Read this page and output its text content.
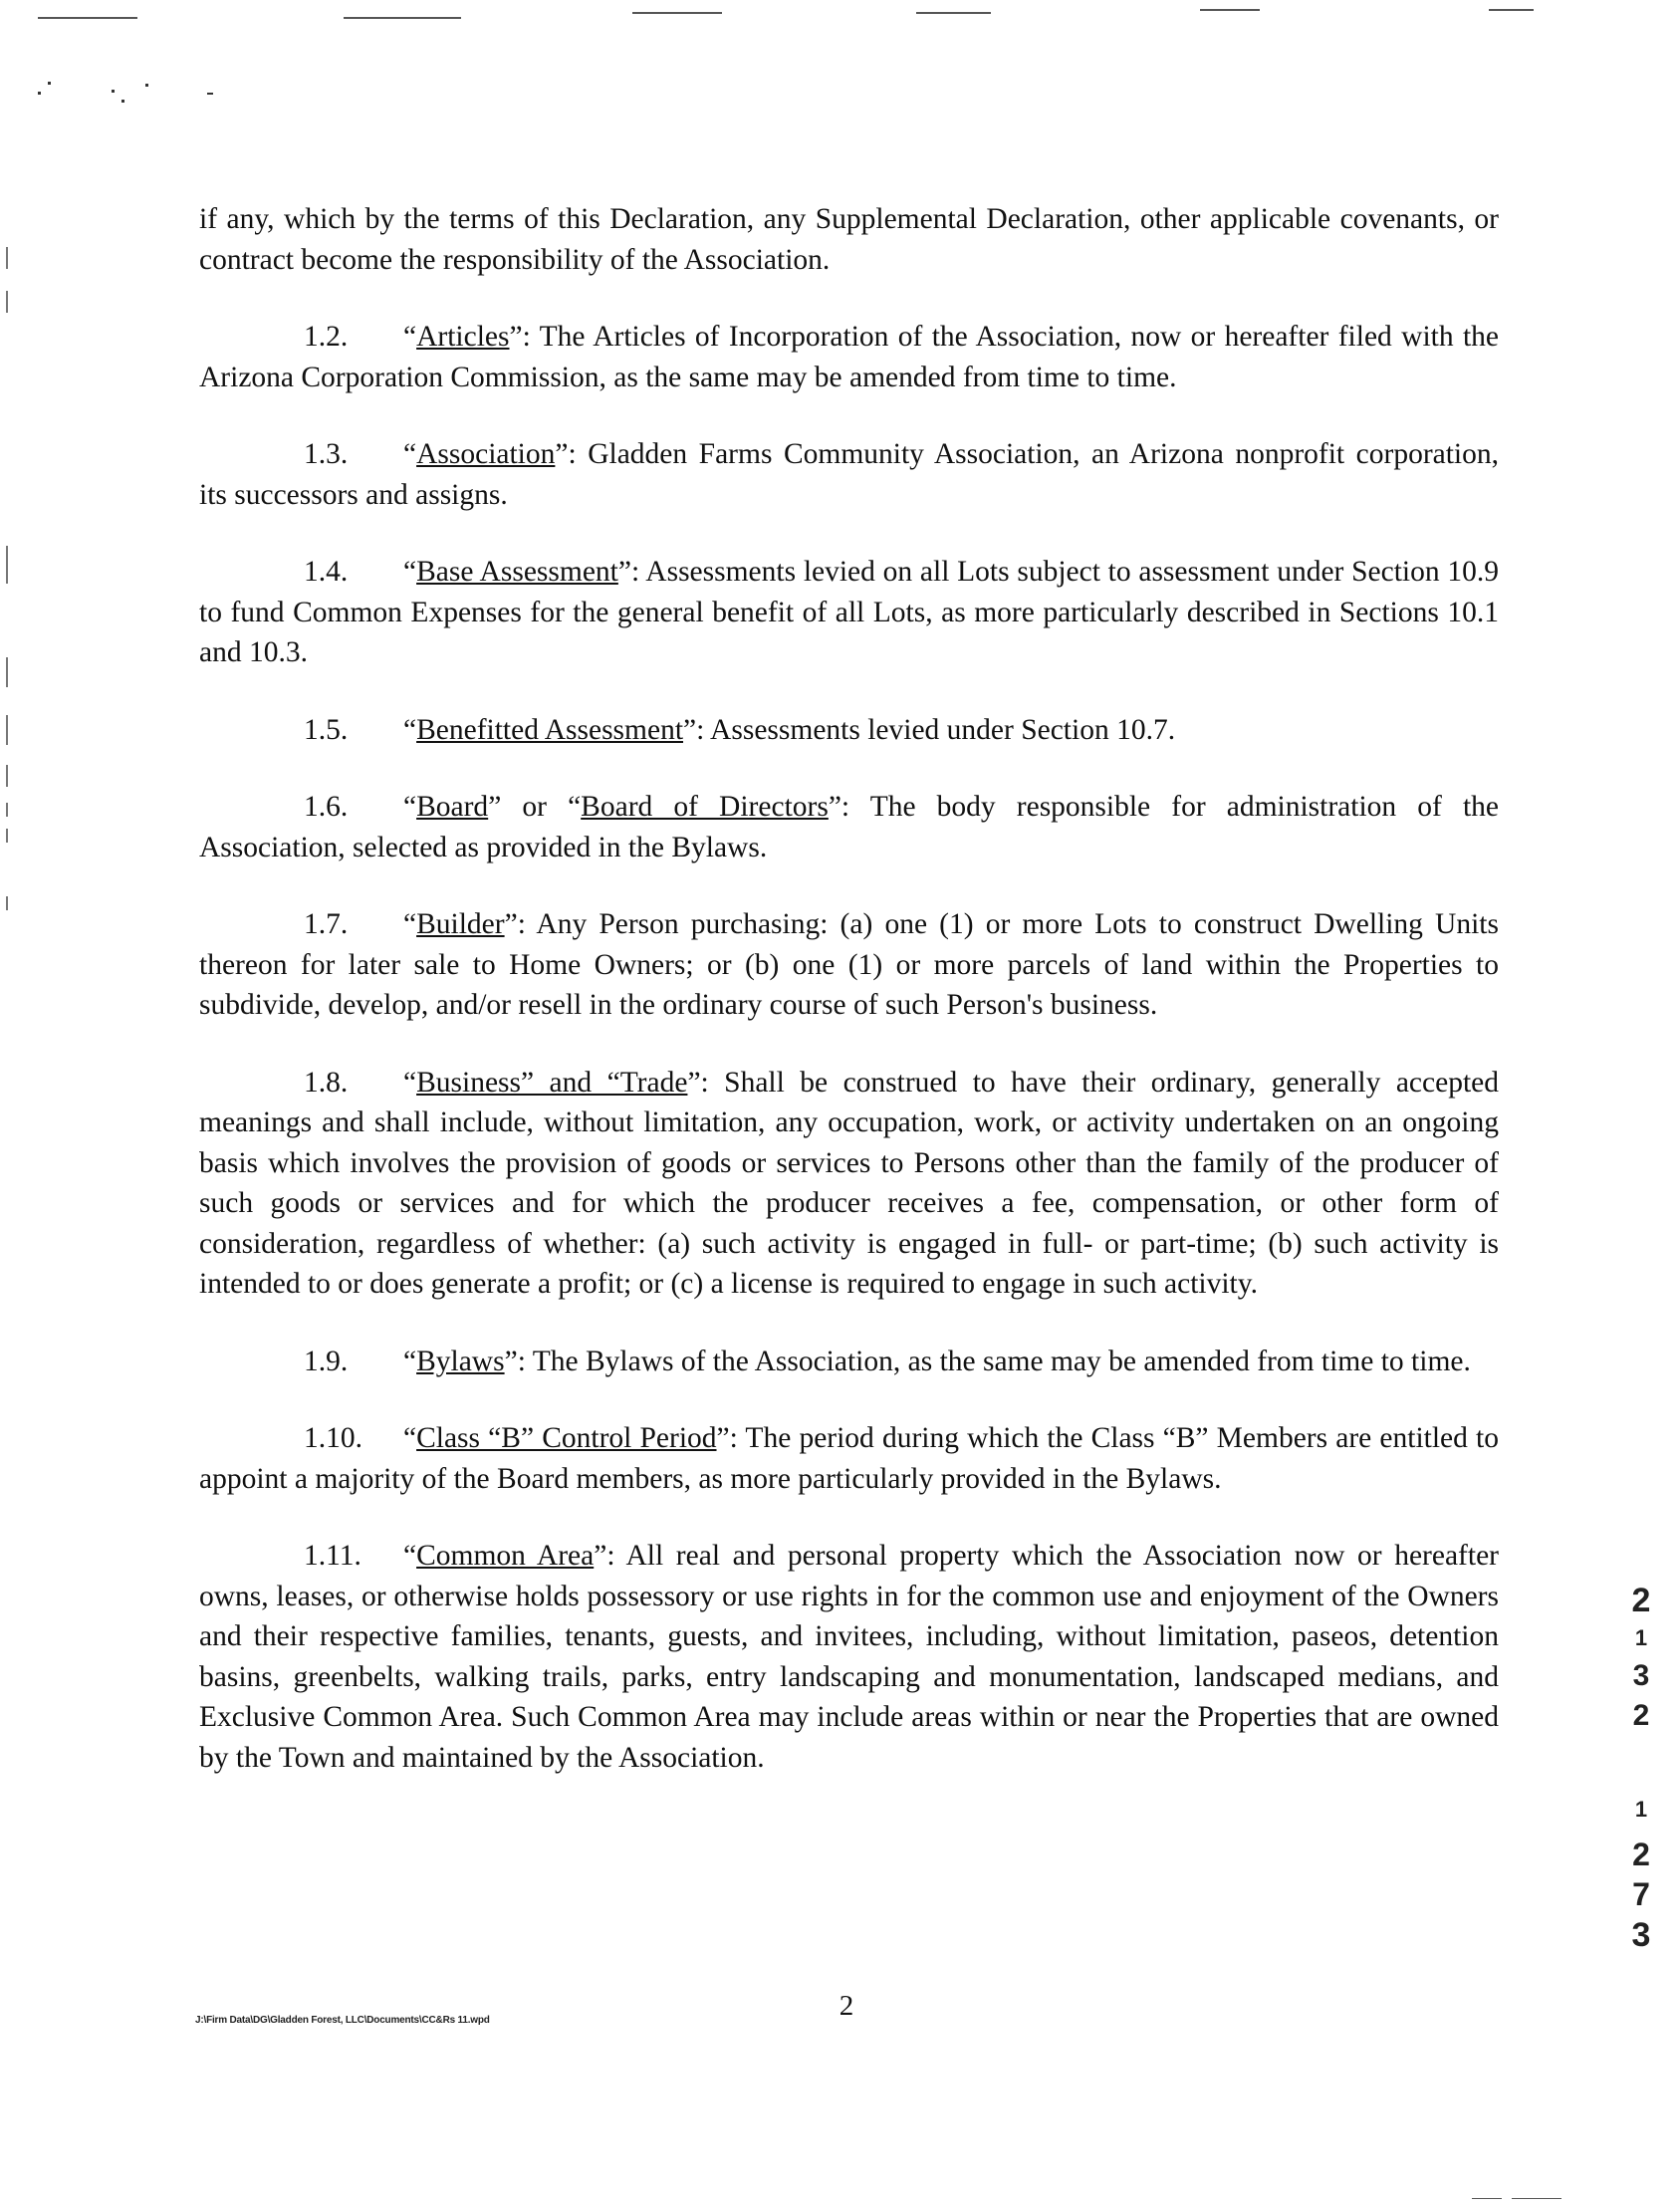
if any, which by the terms of this Declaration, any Supplemental Declaration, other applicable covenants, or contract become the responsibility of the Association.

1.2. “Articles”: The Articles of Incorporation of the Association, now or hereafter filed with the Arizona Corporation Commission, as the same may be amended from time to time.

1.3. “Association”: Gladden Farms Community Association, an Arizona nonprofit corporation, its successors and assigns.

1.4. “Base Assessment”: Assessments levied on all Lots subject to assessment under Section 10.9 to fund Common Expenses for the general benefit of all Lots, as more particularly described in Sections 10.1 and 10.3.

1.5. “Benefitted Assessment”: Assessments levied under Section 10.7.

1.6. “Board” or “Board of Directors”: The body responsible for administration of the Association, selected as provided in the Bylaws.

1.7. “Builder”: Any Person purchasing: (a) one (1) or more Lots to construct Dwelling Units thereon for later sale to Home Owners; or (b) one (1) or more parcels of land within the Properties to subdivide, develop, and/or resell in the ordinary course of such Person's business.

1.8. “Business” and “Trade”: Shall be construed to have their ordinary, generally accepted meanings and shall include, without limitation, any occupation, work, or activity undertaken on an ongoing basis which involves the provision of goods or services to Persons other than the family of the producer of such goods or services and for which the producer receives a fee, compensation, or other form of consideration, regardless of whether: (a) such activity is engaged in full- or part-time; (b) such activity is intended to or does generate a profit; or (c) a license is required to engage in such activity.

1.9. “Bylaws”: The Bylaws of the Association, as the same may be amended from time to time.

1.10. “Class “B” Control Period”: The period during which the Class “B” Members are entitled to appoint a majority of the Board members, as more particularly provided in the Bylaws.

1.11. “Common Area”: All real and personal property which the Association now or hereafter owns, leases, or otherwise holds possessory or use rights in for the common use and enjoyment of the Owners and their respective families, tenants, guests, and invitees, including, without limitation, paseos, detention basins, greenbelts, walking trails, parks, entry landscaping and monumentation, landscaped medians, and Exclusive Common Area. Such Common Area may include areas within or near the Properties that are owned by the Town and maintained by the Association.

2
J:\Firm Data\DG\Gladden Forest, LLC\Documents\CC&Rs 11.wpd
2
1
3
2
1
2
7
3
